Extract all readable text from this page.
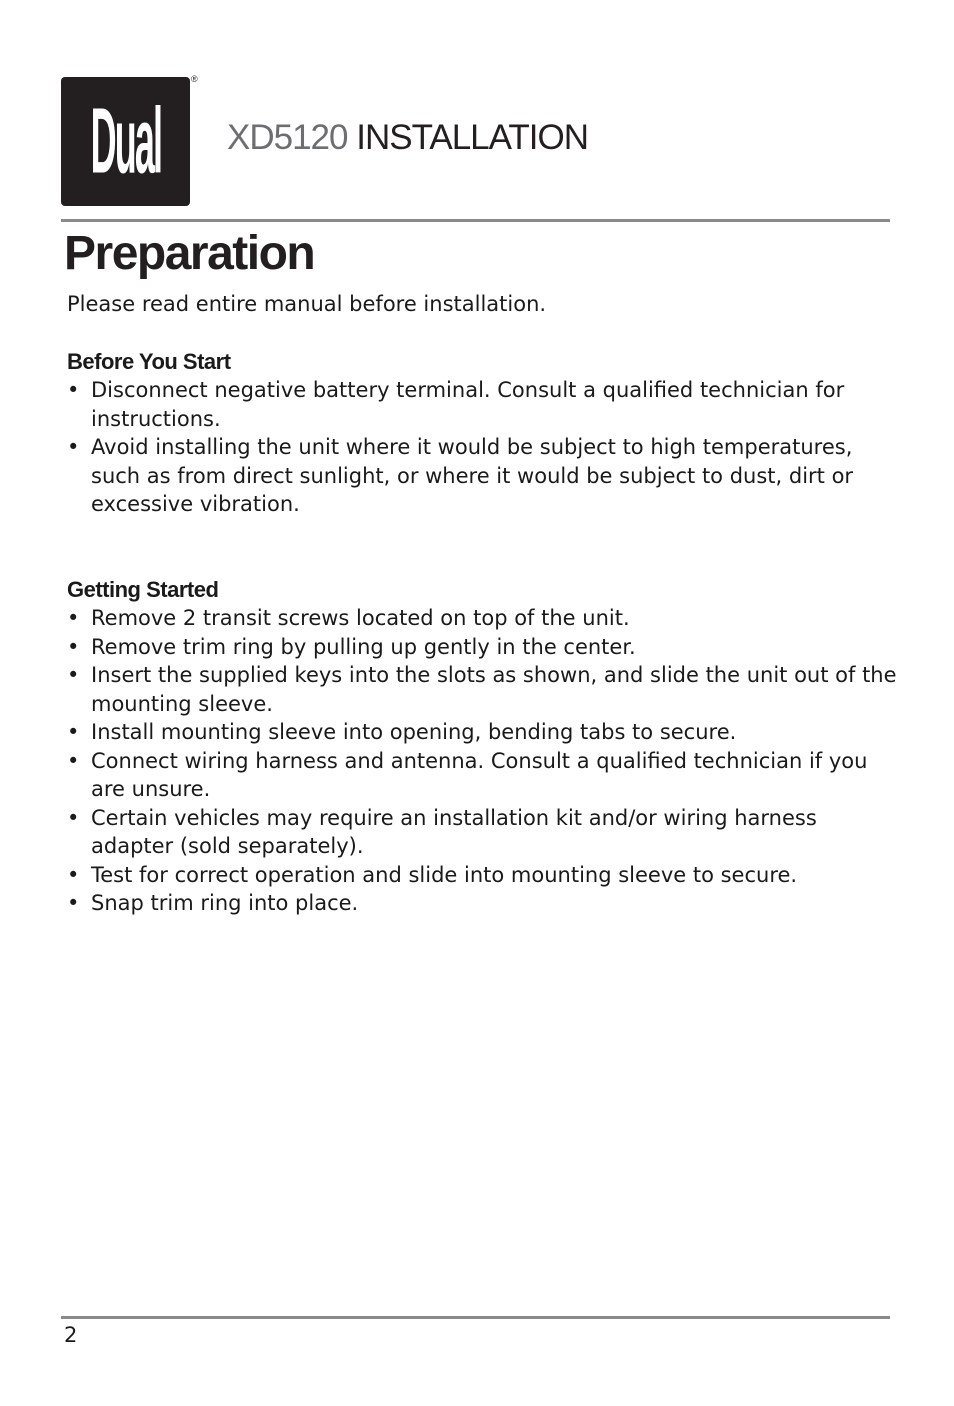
Dual
®
XD5120 INSTALLATION
Preparation

Please read entire manual before installation.

Before You Start
• Disconnect negative battery terminal. Consult a qualified technician for instructions.
• Avoid installing the unit where it would be subject to high temperatures, such as from direct sunlight, or where it would be subject to dust, dirt or excessive vibration.
Getting Started
• Remove 2 transit screws located on top of the unit.
• Remove trim ring by pulling up gently in the center.
• Insert the supplied keys into the slots as shown, and slide the unit out of the mounting sleeve.
• Install mounting sleeve into opening, bending tabs to secure.
• Connect wiring harness and antenna. Consult a qualified technician if you are unsure.
• Certain vehicles may require an installation kit and/or wiring harness adapter (sold separately).
• Test for correct operation and slide into mounting sleeve to secure.
• Snap trim ring into place.
2
